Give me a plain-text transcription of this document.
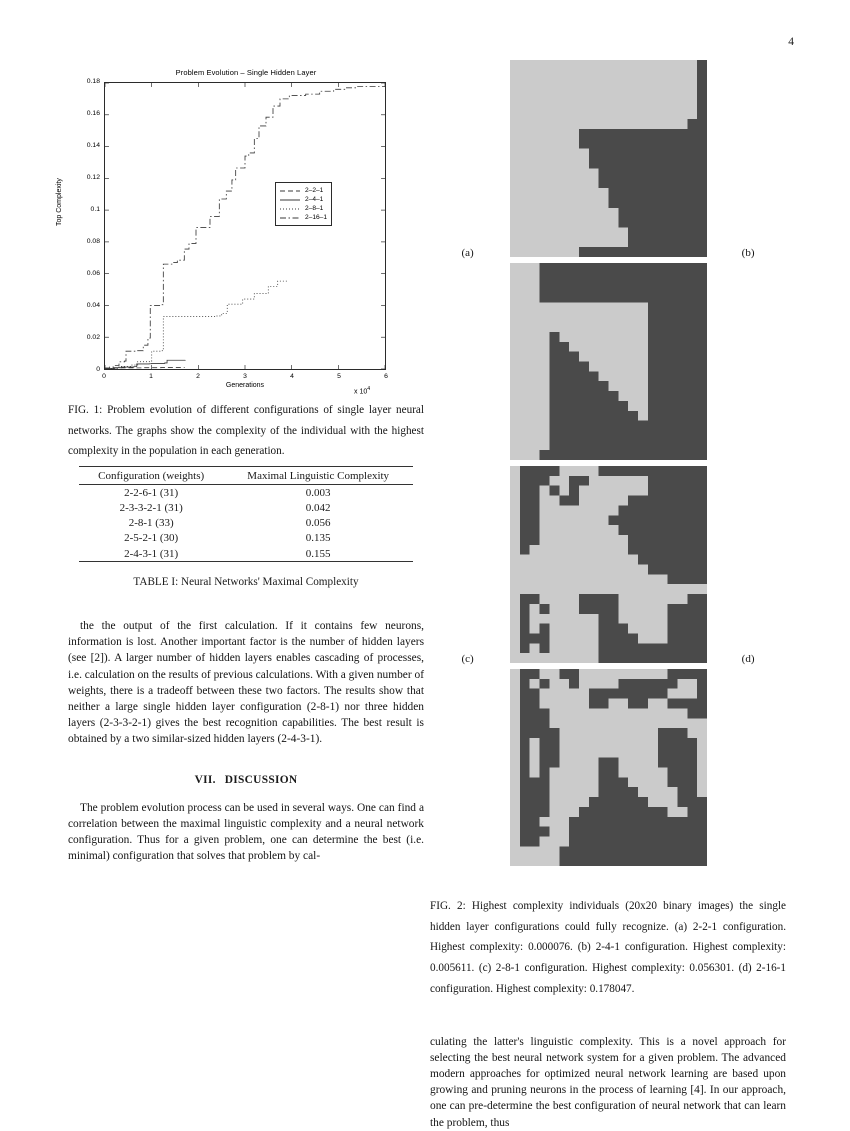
4
Problem Evolution – Single Hidden Layer
Top Complexity
0
0.02
0.04
0.06
0.08
0.1
0.12
0.14
0.16
0.18
0	1	2	3	4	5	6
Generations
x $10^4$
2–2–1
2–4–1
2–8–1
2–16–1
FIG. 1: Problem evolution of different configurations of single layer neural networks. The graphs show the complexity of the individual with the highest complexity in the population in each generation.
Configuration (weights)	Maximal Linguistic Complexity
2-2-6-1 (31)	0.003
2-3-3-2-1 (31)	0.042
2-8-1 (33)	0.056
2-5-2-1 (30)	0.135
2-4-3-1 (31)	0.155
TABLE I: Neural Networks' Maximal Complexity
the the output of the first calculation. If it contains few neurons, information is lost. Another important factor is the number of hidden layers (see [2]). A larger number of hidden layers enables cascading of processes, i.e. calculation on the results of previous calculations. With a given number of weights, there is a tradeoff between these two factors. The results show that neither a large single hidden layer configuration (2-8-1) nor three hidden layers (2-3-3-2-1) gives the best recognition capabilities. The best result is obtained by a two similar-sized hidden layers (2-4-3-1).
VII. DISCUSSION
The problem evolution process can be used in several ways. One can find a correlation between the maximal linguistic complexity and a neural network configuration. Thus for a given problem, one can determine the best (i.e. minimal) configuration that solves that problem by cal-
(a)	(b)
(c)	(d)
FIG. 2: Highest complexity individuals (20x20 binary images) the single hidden layer configurations could fully recognize. (a) 2-2-1 configuration. Highest complexity: 0.000076. (b) 2-4-1 configuration. Highest complexity: 0.005611. (c) 2-8-1 configuration. Highest complexity: 0.056301. (d) 2-16-1 configuration. Highest complexity: 0.178047.
culating the latter's linguistic complexity. This is a novel approach for selecting the best neural network system for a given problem. The advanced modern approaches for optimized neural network learning are based upon growing and pruning neurons in the process of learning [4]. In our approach, one can pre-determine the best configuration of neural network that can learn the problem, thus
